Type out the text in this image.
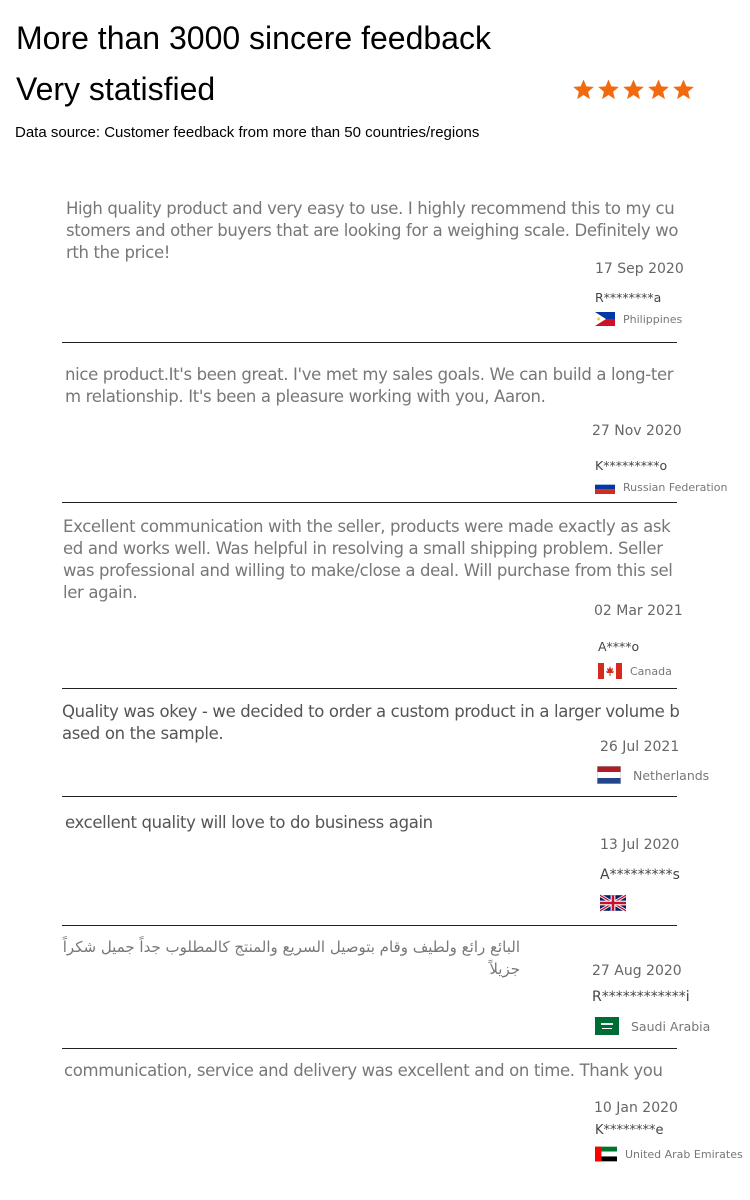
More than 3000 sincere feedback
Very statisfied
Data source: Customer feedback from more than 50 countries/regions
High quality product and very easy to use. I highly recommend this to my customers and other buyers that are looking for a weighing scale. Definitely worth the price!
17 Sep 2020
R********a
Philippines
nice product.It's been great. I've met my sales goals. We can build a long-term relationship. It's been a pleasure working with you, Aaron.
27 Nov 2020
K*********o
Russian Federation
Excellent communication with the seller, products were made exactly as asked and works well. Was helpful in resolving a small shipping problem. Seller was professional and willing to make/close a deal. Will purchase from this seller again.
02 Mar 2021
A****o
Canada
Quality was okey - we decided to order a custom product in a larger volume based on the sample.
26 Jul 2021
Netherlands
excellent quality will love to do business again
13 Jul 2020
A*********s
البائع رائع ولطيف وقام بتوصيل السريع والمنتج كالمطلوب جداً جميل شكراً جزيلاً	27 Aug 2020
R************i
Saudi Arabia
communication, service and delivery was excellent and on time. Thank you
10 Jan 2020
K********e
United Arab Emirates
